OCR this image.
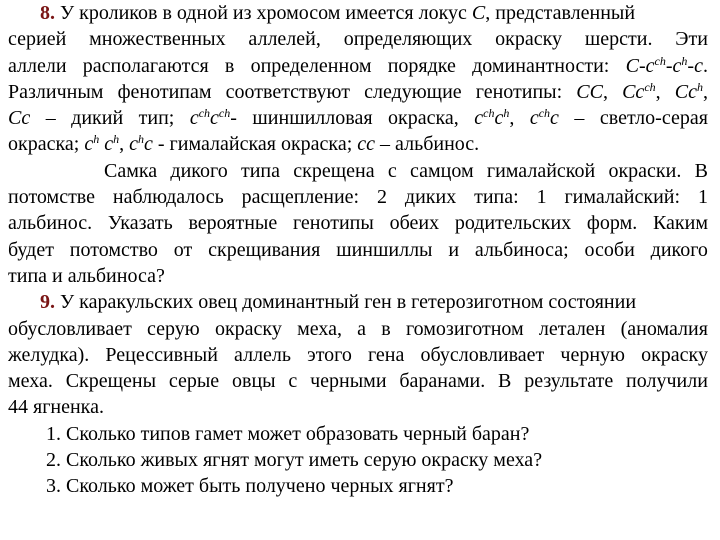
8. У кроликов в одной из хромосом имеется локус C, представленный
серией множественных аллелей, определяющих окраску шерсти. Эти
аллели располагаются в определенном порядке доминантности: $C-c^{ch}-c^h-c$.
Различным фенотипам соответствуют следующие генотипы: CC, $Cc^{ch}$, Cc$^h$,
Cc – дикий тип; $c^{ch}c^{ch}-$ шиншилловая окраска, $c^{ch}c^h$, $c^{ch}c$ – светло-серая
окраска; $c^h$ $c^h$, $c^hc$ - гималайская окраска; cc – альбинос.
Самка дикого типа скрещена с самцом гималайской окраски. В
потомстве наблюдалось расщепление: 2 диких типа: 1 гималайский: 1
альбинос. Указать вероятные генотипы обеих родительских форм. Каким
будет потомство от скрещивания шиншиллы и альбиноса; особи дикого
типа и альбиноса?
9. У каракульских овец доминантный ген в гетерозиготном состоянии
обусловливает серую окраску меха, а в гомозиготном летален (аномалия
желудка). Рецессивный аллель этого гена обусловливает черную окраску
меха. Скрещены серые овцы с черными баранами. В результате получили
44 ягненка.
1. Сколько типов гамет может образовать черный баран?
2. Сколько живых ягнят могут иметь серую окраску меха?
3. Сколько может быть получено черных ягнят?
